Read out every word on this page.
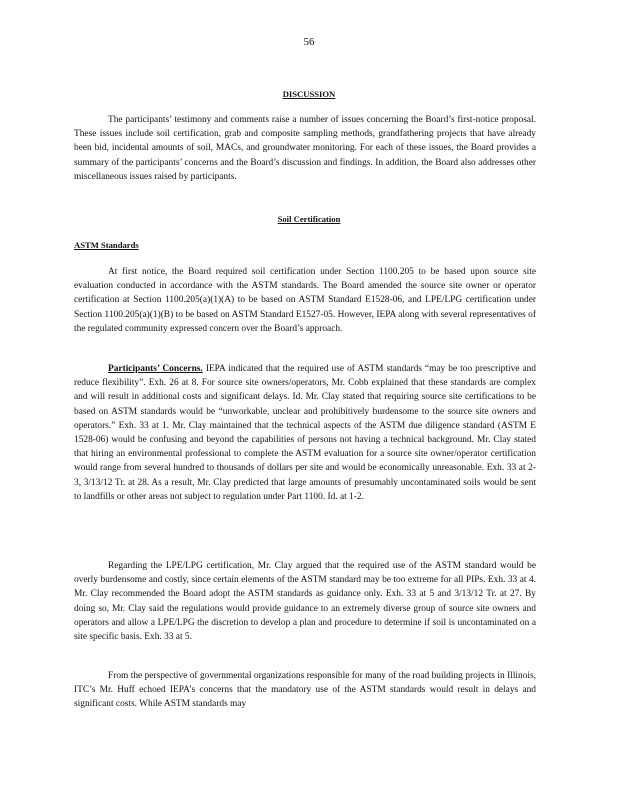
56
DISCUSSION

The participants’ testimony and comments raise a number of issues concerning the Board’s first-notice proposal. These issues include soil certification, grab and composite sampling methods, grandfathering projects that have already been bid, incidental amounts of soil, MACs, and groundwater monitoring. For each of these issues, the Board provides a summary of the participants’ concerns and the Board’s discussion and findings. In addition, the Board also addresses other miscellaneous issues raised by participants.

Soil Certification
ASTM Standards

At first notice, the Board required soil certification under Section 1100.205 to be based upon source site evaluation conducted in accordance with the ASTM standards. The Board amended the source site owner or operator certification at Section 1100.205(a)(1)(A) to be based on ASTM Standard E1528-06, and LPE/LPG certification under Section 1100.205(a)(1)(B) to be based on ASTM Standard E1527-05. However, IEPA along with several representatives of the regulated community expressed concern over the Board’s approach.

Participants’ Concerns. IEPA indicated that the required use of ASTM standards “may be too prescriptive and reduce flexibility”. Exh. 26 at 8. For source site owners/operators, Mr. Cobb explained that these standards are complex and will result in additional costs and significant delays. Id. Mr. Clay stated that requiring source site certifications to be based on ASTM standards would be “unworkable, unclear and prohibitively burdensome to the source site owners and operators.” Exh. 33 at 1. Mr. Clay maintained that the technical aspects of the ASTM due diligence standard (ASTM E 1528-06) would be confusing and beyond the capabilities of persons not having a technical background. Mr. Clay stated that hiring an environmental professional to complete the ASTM evaluation for a source site owner/operator certification would range from several hundred to thousands of dollars per site and would be economically unreasonable. Exh. 33 at 2-3, 3/13/12 Tr. at 28. As a result, Mr. Clay predicted that large amounts of presumably uncontaminated soils would be sent to landfills or other areas not subject to regulation under Part 1100. Id. at 1-2.

Regarding the LPE/LPG certification, Mr. Clay argued that the required use of the ASTM standard would be overly burdensome and costly, since certain elements of the ASTM standard may be too extreme for all PIPs. Exh. 33 at 4. Mr. Clay recommended the Board adopt the ASTM standards as guidance only. Exh. 33 at 5 and 3/13/12 Tr. at 27. By doing so, Mr. Clay said the regulations would provide guidance to an extremely diverse group of source site owners and operators and allow a LPE/LPG the discretion to develop a plan and procedure to determine if soil is uncontaminated on a site specific basis. Exh. 33 at 5.

From the perspective of governmental organizations responsible for many of the road building projects in Illinois, ITC’s Mr. Huff echoed IEPA’s concerns that the mandatory use of the ASTM standards would result in delays and significant costs. While ASTM standards may
